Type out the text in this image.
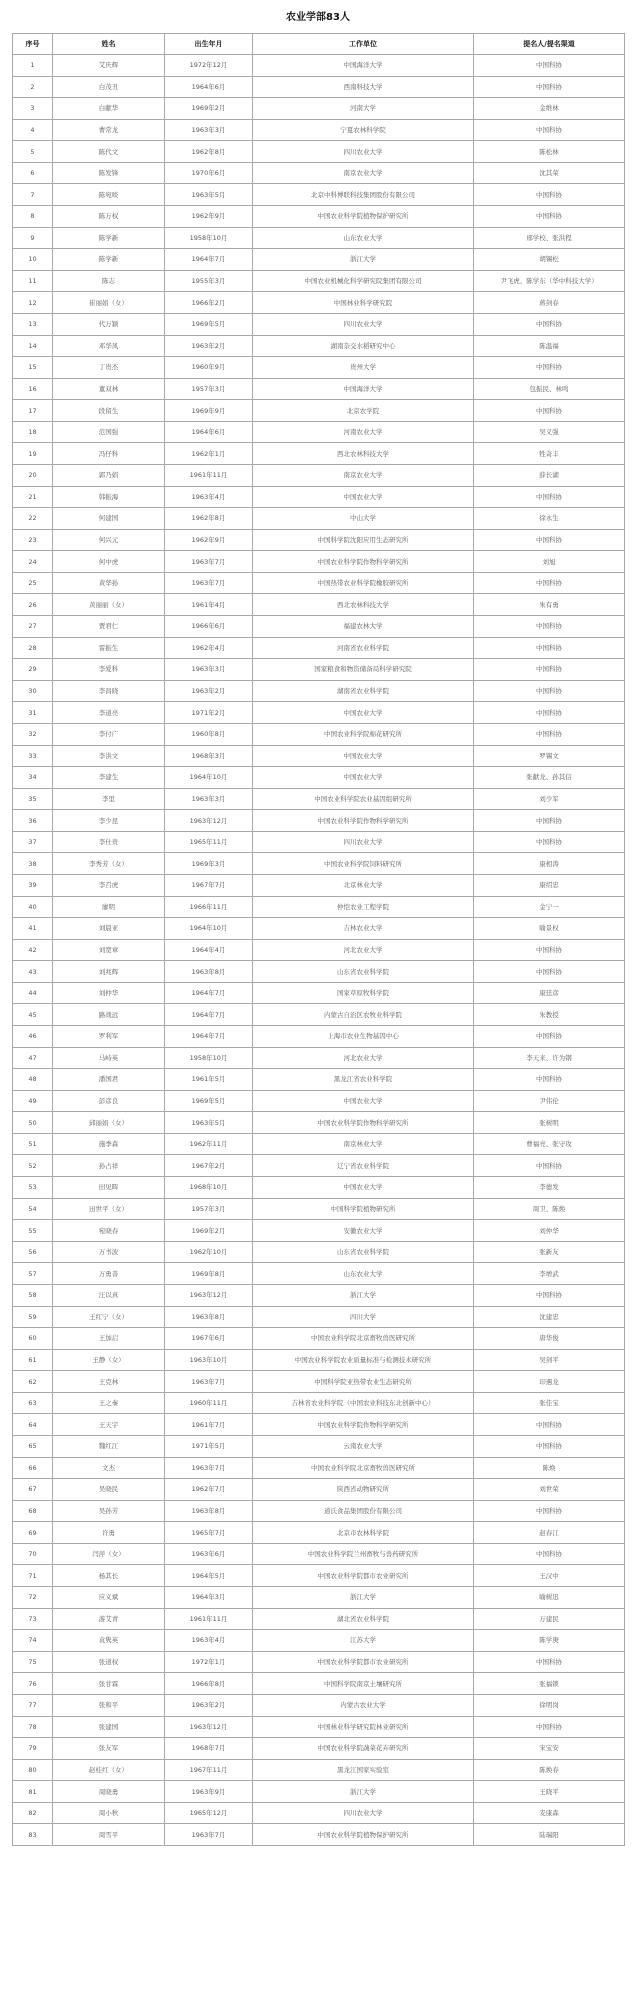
农业学部83人
序号	姓名	出生年月	工作单位	提名人/提名渠道
1	艾庆辉	1972年12月	中国海洋大学	中国科协
2	白茂丑	1964年6月	西南科技大学	中国科协
3	白献华	1969年2月	河南大学	金维林
4	曹常龙	1963年3月	宁夏农林科学院	中国科协
5	陈代文	1962年8月	四川农业大学	陈松林
6	陈发锋	1970年6月	南京农业大学	沈其荣
7	陈宛啖	1963年5月	北京中科博联科技集团股份有限公司	中国科协
8	陈万权	1962年9月	中国农业科学院植物保护研究所	中国科协
9	陈学新	1958年10月	山东农业大学	邢学校、张洪程
10	陈学新	1964年7月	浙江大学	胡锡松
11	陈志	1955年3月	中国农业机械化科学研究院集团有限公司	尹飞虎、陈学东（华中科技大学）
12	崔丽娟（女）	1966年2月	中国林业科学研究院	蒋剑春
13	代万颖	1969年5月	四川农业大学	中国科协
14	邓华凤	1963年2月	湖南杂交水稻研究中心	陈温福
15	丁贵杰	1960年9月	贵州大学	中国科协
16	董双林	1957年3月	中国海洋大学	包振民、林鸣
17	段留生	1969年9月	北京农学院	中国科协
18	范国强	1964年6月	河南农业大学	吴义强
19	冯仔科	1962年1月	西北农林科技大学	牲奇丰
20	郭乃娟	1961年11月	南京农业大学	薛长湖
21	韩振海	1963年4月	中国农业大学	中国科协
22	何建国	1962年8月	中山大学	徐永生
23	何兴元	1962年9月	中国科学院沈阳应用生态研究所	中国科协
24	何中虎	1963年7月	中国农业科学院作物科学研究所	刘旭
25	黄华孙	1963年7月	中国热带农业科学院橡胶研究所	中国科协
26	黄丽丽（女）	1961年4月	西北农林科技大学	朱有勇
27	贾君仁	1966年6月	福建农林大学	中国科协
28	雷振生	1962年4月	河南省农业科学院	中国科协
29	李爱科	1963年3月	国家粮食和物资储备局科学研究院	中国科协
30	李昌晓	1963年2月	湖南省农业科学院	中国科协
31	李道亮	1971年2月	中国农业大学	中国科协
32	李付广	1960年8月	中国农业科学院棉花研究所	中国科协
33	李洪文	1968年3月	中国农业大学	罗锡文
34	李建生	1964年10月	中国农业大学	张献龙、孙其信
35	李里	1963年3月	中国农业科学院农业基因组研究所	刘少军
36	李少昆	1963年12月	中国农业科学院作物科学研究所	中国科协
37	李仕贵	1965年11月	四川农业大学	中国科协
38	李秀芳（女）	1969年3月	中国农业科学院饲料研究所	康相涛
39	李召虎	1967年7月	北京林业大学	康绍忠
40	廖明	1966年11月	仲恺农业工程学院	金宁一
41	刘晨亚	1964年10月	吉林农业大学	喻景权
42	刘宽章	1964年4月	河北农业大学	中国科协
43	刘兆辉	1963年8月	山东省农业科学院	中国科协
44	刘仲华	1964年7月	国家草原牧科学院	康廷彦
45	路战远	1964年7月	内蒙古自治区农牧业科学院	朱教授
46	罗利军	1964年7月	上海市农业生物基因中心	中国科协
47	马峙英	1958年10月	河北农业大学	李天来、许为钢
48	潘国君	1961年5月	黑龙江省农业科学院	中国科协
49	彭彦良	1969年5月	中国农业大学	尹伟伦
50	邱丽娟（女）	1963年5月	中国农业科学院作物科学研究所	张树明
51	施季森	1962年11月	南京林业大学	曹福亮、张守攻
52	孙占祥	1967年2月	辽宁省农业科学院	中国科协
53	田见晖	1968年10月	中国农业大学	李德发
54	田世平（女）	1957年3月	中国科学院植物研究所	周卫、陈焕
55	宛晓春	1969年2月	安徽农业大学	刘仲华
56	万书波	1962年10月	山东省农业科学院	张新友
57	万勇善	1969年8月	山东农业大学	李增武
58	汪以真	1963年12月	浙江大学	中国科协
59	王红宁（女）	1963年8月	四川大学	沈建忠
60	王加启	1967年6月	中国农业科学院北京畜牧兽医研究所	唐华俊
61	王静（女）	1963年10月	中国农业科学院农业质量标准与检测技术研究所	吴剑平
62	王克林	1963年7月	中国科学院亚热带农业生态研究所	印遇龙
63	王之秦	1960年11月	吉林省农业科学院（中国农业科技东北创新中心）	张佳宝
64	王天宇	1961年7月	中国农业科学院作物科学研究所	中国科协
65	魏红江	1971年5月	云南农业大学	中国科协
66	文杰	1963年7月	中国农业科学院北京畜牧兽医研究所	陈焕
67	吴晓民	1962年7月	陕西省动物研究所	刘世荣
68	吴孙芳	1963年8月	道氏食品集团股份有限公司	中国科协
69	许勇	1965年7月	北京市农林科学院	赵春江
70	闫萍（女）	1963年6月	中国农业科学院兰州畜牧与兽药研究所	中国科协
71	杨其长	1964年5月	中国农业科学院都市农业研究所	王汉中
72	应义斌	1964年3月	浙江大学	喻树迅
73	游艾青	1961年11月	湖北省农业科学院	万建民
74	袁隽英	1963年4月	江苏大学	陈学庚
75	张道权	1972年1月	中国农业科学院都市农业研究所	中国科协
76	张甘霖	1966年8月	中国科学院南京土壤研究所	张福锁
77	张和平	1963年2月	内蒙古农业大学	徐明岗
78	张建国	1963年12月	中国林业科学研究院林业研究所	中国科协
79	张友军	1968年7月	中国农业科学院蔬菜花卉研究所	宋宝安
80	赵桂红（女）	1967年11月	黑龙江国家实验室	陈焕春
81	周晓勇	1963年9月	浙江大学	王晓平
82	周小秋	1965年12月	四川农业大学	麦康森
83	周雪平	1963年7月	中国农业科学院植物保护研究所	陆瑞阳
